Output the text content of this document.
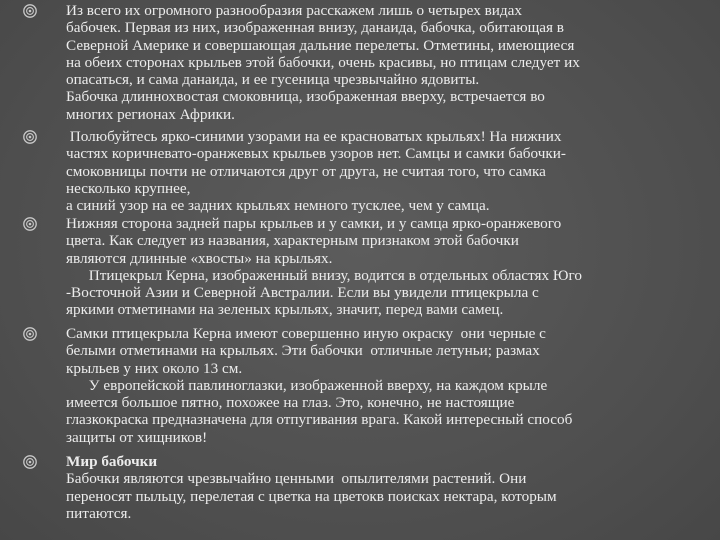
Из всего их огромного разнообразия расскажем лишь о четырех видах
бабочек. Первая из них, изображенная внизу, данаида, бабочка, обитающая в
Северной Америке и совершающая дальние перелеты. Отметины, имеющиеся
на обеих сторонах крыльев этой бабочки, очень красивы, но птицам следует их
опасаться, и сама данаида, и ее гусеница чрезвычайно ядовиты.
Бабочка длиннохвостая смоковница, изображенная вверху, встречается во
многих регионах Африки.
Полюбуйтесь ярко-синими узорами на ее красноватых крыльях! На нижних
частях коричневато-оранжевых крыльев узоров нет. Самцы и самки бабочки-
смоковницы почти не отличаются друг от друга, не считая того, что самка
несколько крупнее,
а синий узор на ее задних крыльях немного тусклее, чем у самца.
Нижняя сторона задней пары крыльев и у самки, и у самца ярко-оранжевого
цвета. Как следует из названия, характерным признаком этой бабочки
являются длинные «хвосты» на крыльях.
Птицекрыл Керна, изображенный внизу, водится в отдельных областях Юго
-Восточной Азии и Северной Австралии. Если вы увидели птицекрыла с
яркими отметинами на зеленых крыльях, значит, перед вами самец.
Самки птицекрыла Керна имеют совершенно иную окраску  они черные с
белыми отметинами на крыльях. Эти бабочки  отличные летуньи; размах
крыльев у них около 13 см.
У европейской павлиноглазки, изображенной вверху, на каждом крыле
имеется большое пятно, похожее на глаз. Это, конечно, не настоящие
глазкокраска предназначена для отпугивания врага. Какой интересный способ
защиты от хищников!
Мир бабочки
Бабочки являются чрезвычайно ценными  опылителями растений. Они
переносят пыльцу, перелетая с цветка на цветокв поисках нектара, которым
питаются.
